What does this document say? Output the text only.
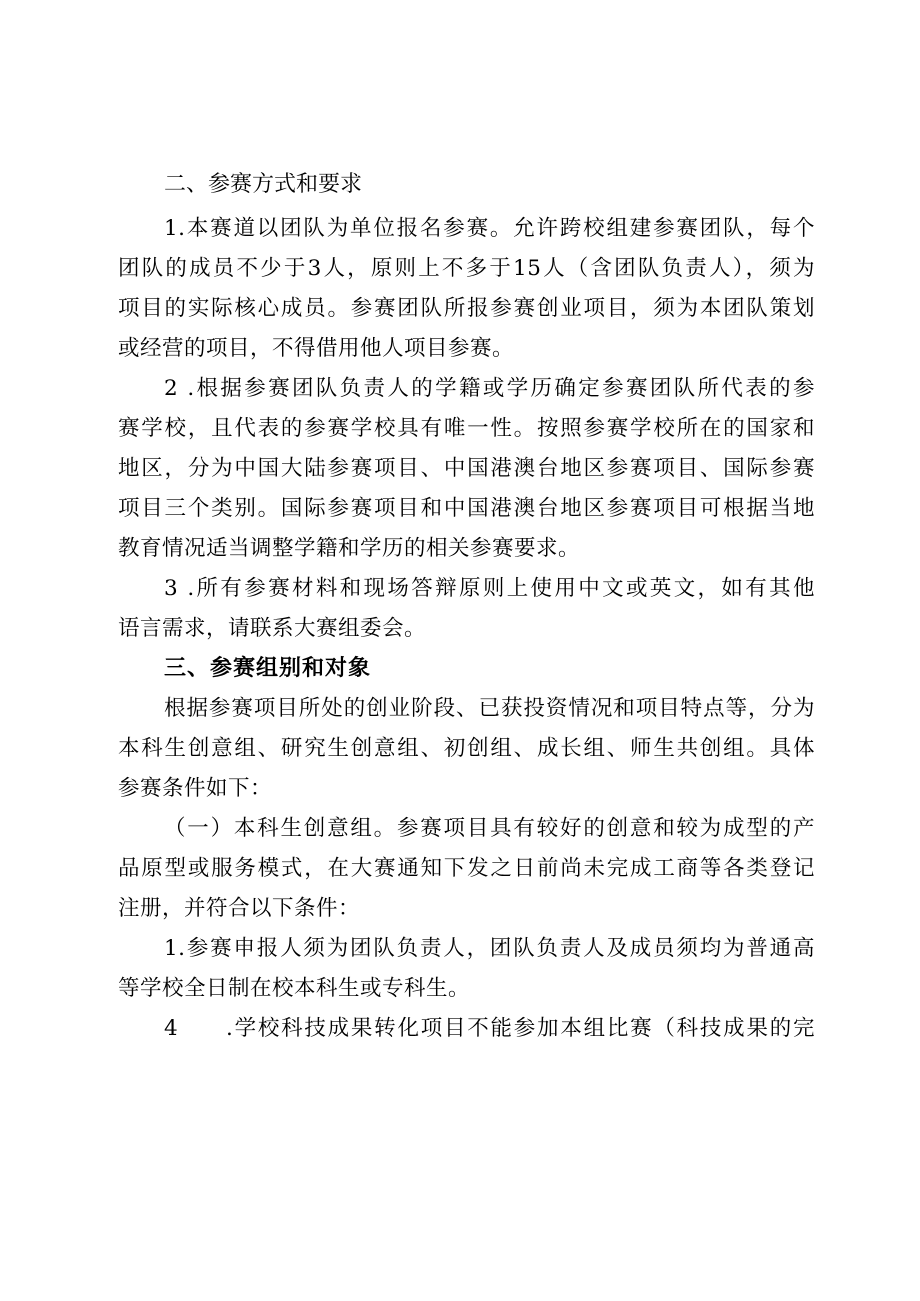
二、参赛方式和要求
1.本赛道以团队为单位报名参赛。允许跨校组建参赛团队，每个
团队的成员不少于3人，原则上不多于15人（含团队负责人），须为
项目的实际核心成员。参赛团队所报参赛创业项目，须为本团队策划
或经营的项目，不得借用他人项目参赛。
2 .根据参赛团队负责人的学籍或学历确定参赛团队所代表的参
赛学校，且代表的参赛学校具有唯一性。按照参赛学校所在的国家和
地区，分为中国大陆参赛项目、中国港澳台地区参赛项目、国际参赛
项目三个类别。国际参赛项目和中国港澳台地区参赛项目可根据当地
教育情况适当调整学籍和学历的相关参赛要求。
3 .所有参赛材料和现场答辩原则上使用中文或英文，如有其他
语言需求，请联系大赛组委会。
三、参赛组别和对象
根据参赛项目所处的创业阶段、已获投资情况和项目特点等，分为
本科生创意组、研究生创意组、初创组、成长组、师生共创组。具体
参赛条件如下：
（一）本科生创意组。参赛项目具有较好的创意和较为成型的产
品原型或服务模式，在大赛通知下发之日前尚未完成工商等各类登记
注册，并符合以下条件：
1.参赛申报人须为团队负责人，团队负责人及成员须均为普通高
等学校全日制在校本科生或专科生。
4　　.学校科技成果转化项目不能参加本组比赛（科技成果的完
